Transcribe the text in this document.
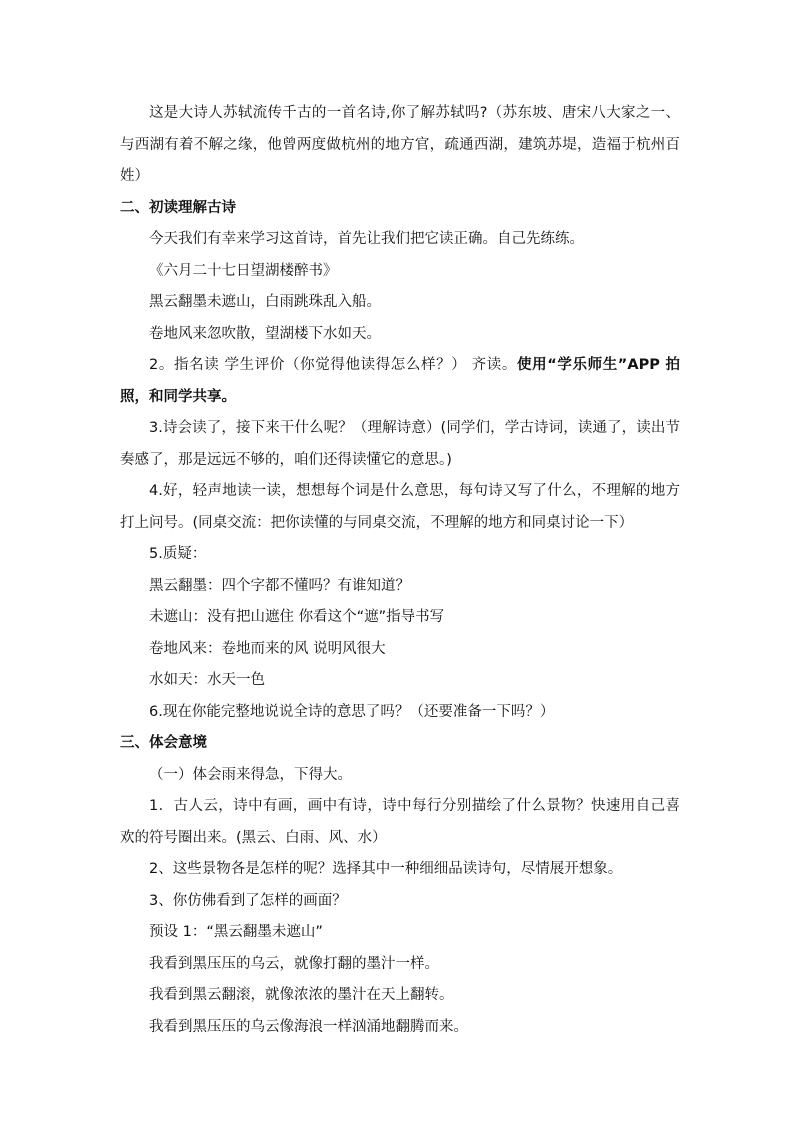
这是大诗人苏轼流传千古的一首名诗,你了解苏轼吗?（苏东坡、唐宋八大家之一、与西湖有着不解之缘，他曾两度做杭州的地方官，疏通西湖，建筑苏堤，造福于杭州百姓）

二、初读理解古诗

今天我们有幸来学习这首诗，首先让我们把它读正确。自己先练练。

《六月二十七日望湖楼醉书》

黑云翻墨未遮山，白雨跳珠乱入船。

卷地风来忽吹散，望湖楼下水如天。

2。指名读 学生评价（你觉得他读得怎么样？） 齐读。使用“学乐师生”APP 拍照，和同学共享。

3.诗会读了，接下来干什么呢？（理解诗意）(同学们，学古诗词，读通了，读出节奏感了，那是远远不够的，咱们还得读懂它的意思。)

4.好，轻声地读一读，想想每个词是什么意思，每句诗又写了什么，不理解的地方打上问号。(同桌交流：把你读懂的与同桌交流，不理解的地方和同桌讨论一下）

5.质疑：

黑云翻墨：四个字都不懂吗？有谁知道？

未遮山：没有把山遮住 你看这个“遮”指导书写

卷地风来：卷地而来的风 说明风很大

水如天：水天一色

6.现在你能完整地说说全诗的意思了吗？（还要准备一下吗？）

三、体会意境

（一）体会雨来得急，下得大。

1．古人云，诗中有画，画中有诗，诗中每行分别描绘了什么景物？快速用自己喜欢的符号圈出来。(黑云、白雨、风、水）

2、这些景物各是怎样的呢？选择其中一种细细品读诗句，尽情展开想象。

3、你仿佛看到了怎样的画面？

预设 1：“黑云翻墨未遮山”

我看到黑压压的乌云，就像打翻的墨汁一样。

我看到黑云翻滚，就像浓浓的墨汁在天上翻转。

我看到黑压压的乌云像海浪一样汹涌地翻腾而来。
